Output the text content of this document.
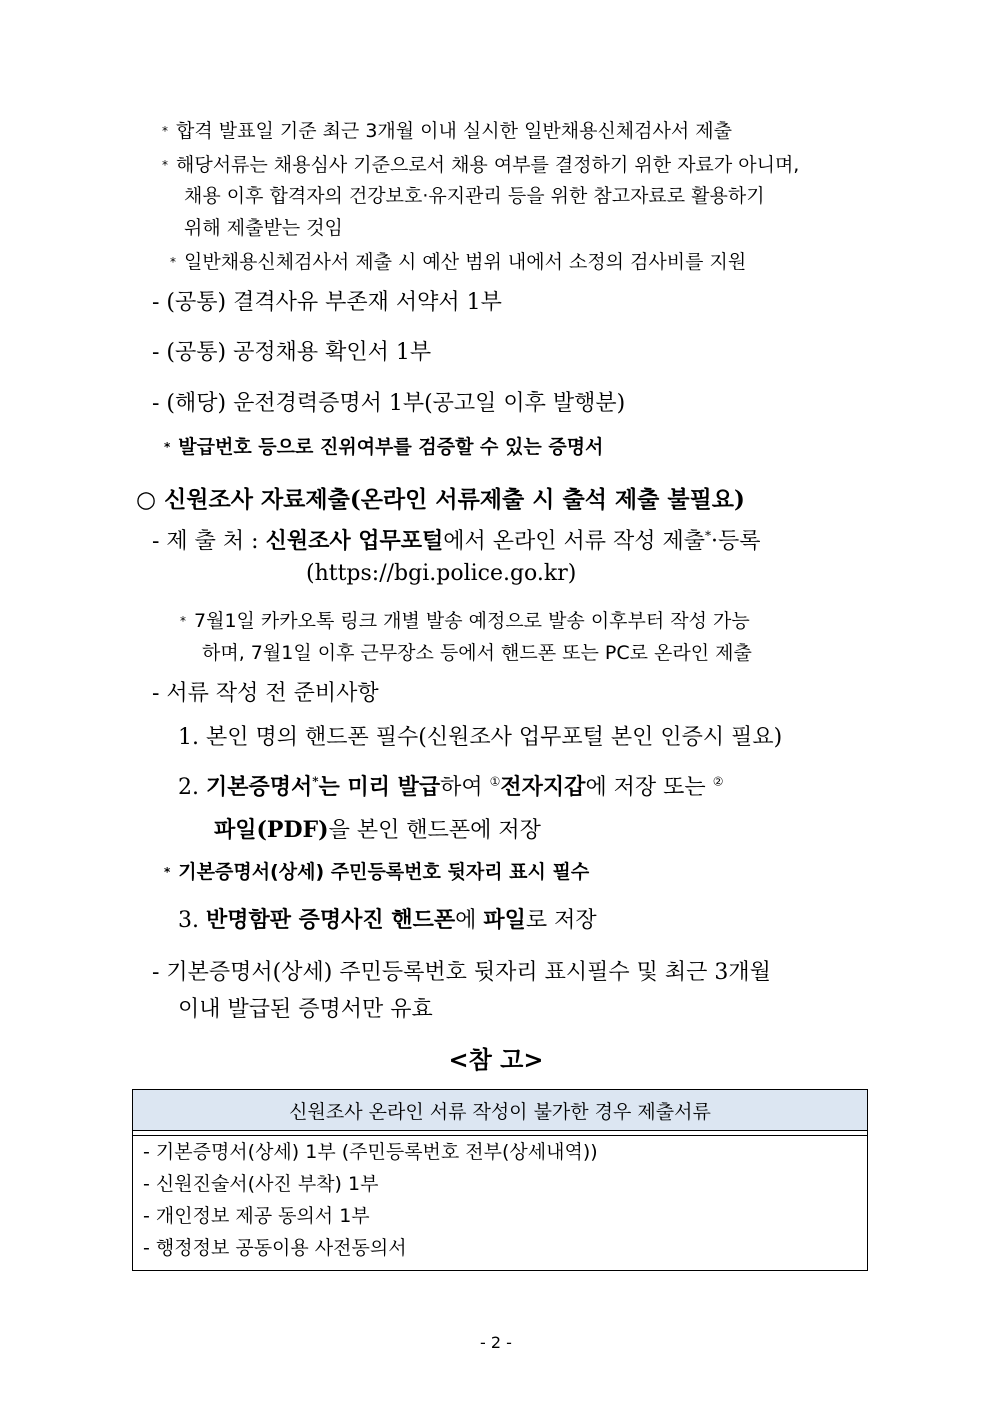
* 합격 발표일 기준 최근 3개월 이내 실시한 일반채용신체검사서 제출
* 해당서류는 채용심사 기준으로서 채용 여부를 결정하기 위한 자료가 아니며,
채용 이후 합격자의 건강보호·유지관리 등을 위한 참고자료로 활용하기
위해 제출받는 것임
* 일반채용신체검사서 제출 시 예산 범위 내에서 소정의 검사비를 지원
- (공통) 결격사유 부존재 서약서 1부
- (공통) 공정채용 확인서 1부
- (해당) 운전경력증명서 1부(공고일 이후 발행분)
* 발급번호 등으로 진위여부를 검증할 수 있는 증명서
○ 신원조사 자료제출(온라인 서류제출 시 출석 제출 불필요)
- 제 출 처 : 신원조사 업무포털에서 온라인 서류 작성 제출*·등록
(https://bgi.police.go.kr)
* 7월1일 카카오톡 링크 개별 발송 예정으로 발송 이후부터 작성 가능
하며, 7월1일 이후 근무장소 등에서 핸드폰 또는 PC로 온라인 제출
- 서류 작성 전 준비사항
1. 본인 명의 핸드폰 필수(신원조사 업무포털 본인 인증시 필요)
2. 기본증명서*는 미리 발급하여 ①전자지갑에 저장 또는 ②
파일(PDF)을 본인 핸드폰에 저장
* 기본증명서(상세) 주민등록번호 뒷자리 표시 필수
3. 반명함판 증명사진 핸드폰에 파일로 저장
- 기본증명서(상세) 주민등록번호 뒷자리 표시필수 및 최근 3개월
이내 발급된 증명서만 유효
<참 고>
신원조사 온라인 서류 작성이 불가한 경우 제출서류
- 기본증명서(상세) 1부 (주민등록번호 전부(상세내역))
- 신원진술서(사진 부착) 1부
- 개인정보 제공 동의서 1부
- 행정정보 공동이용 사전동의서
- 2 -
